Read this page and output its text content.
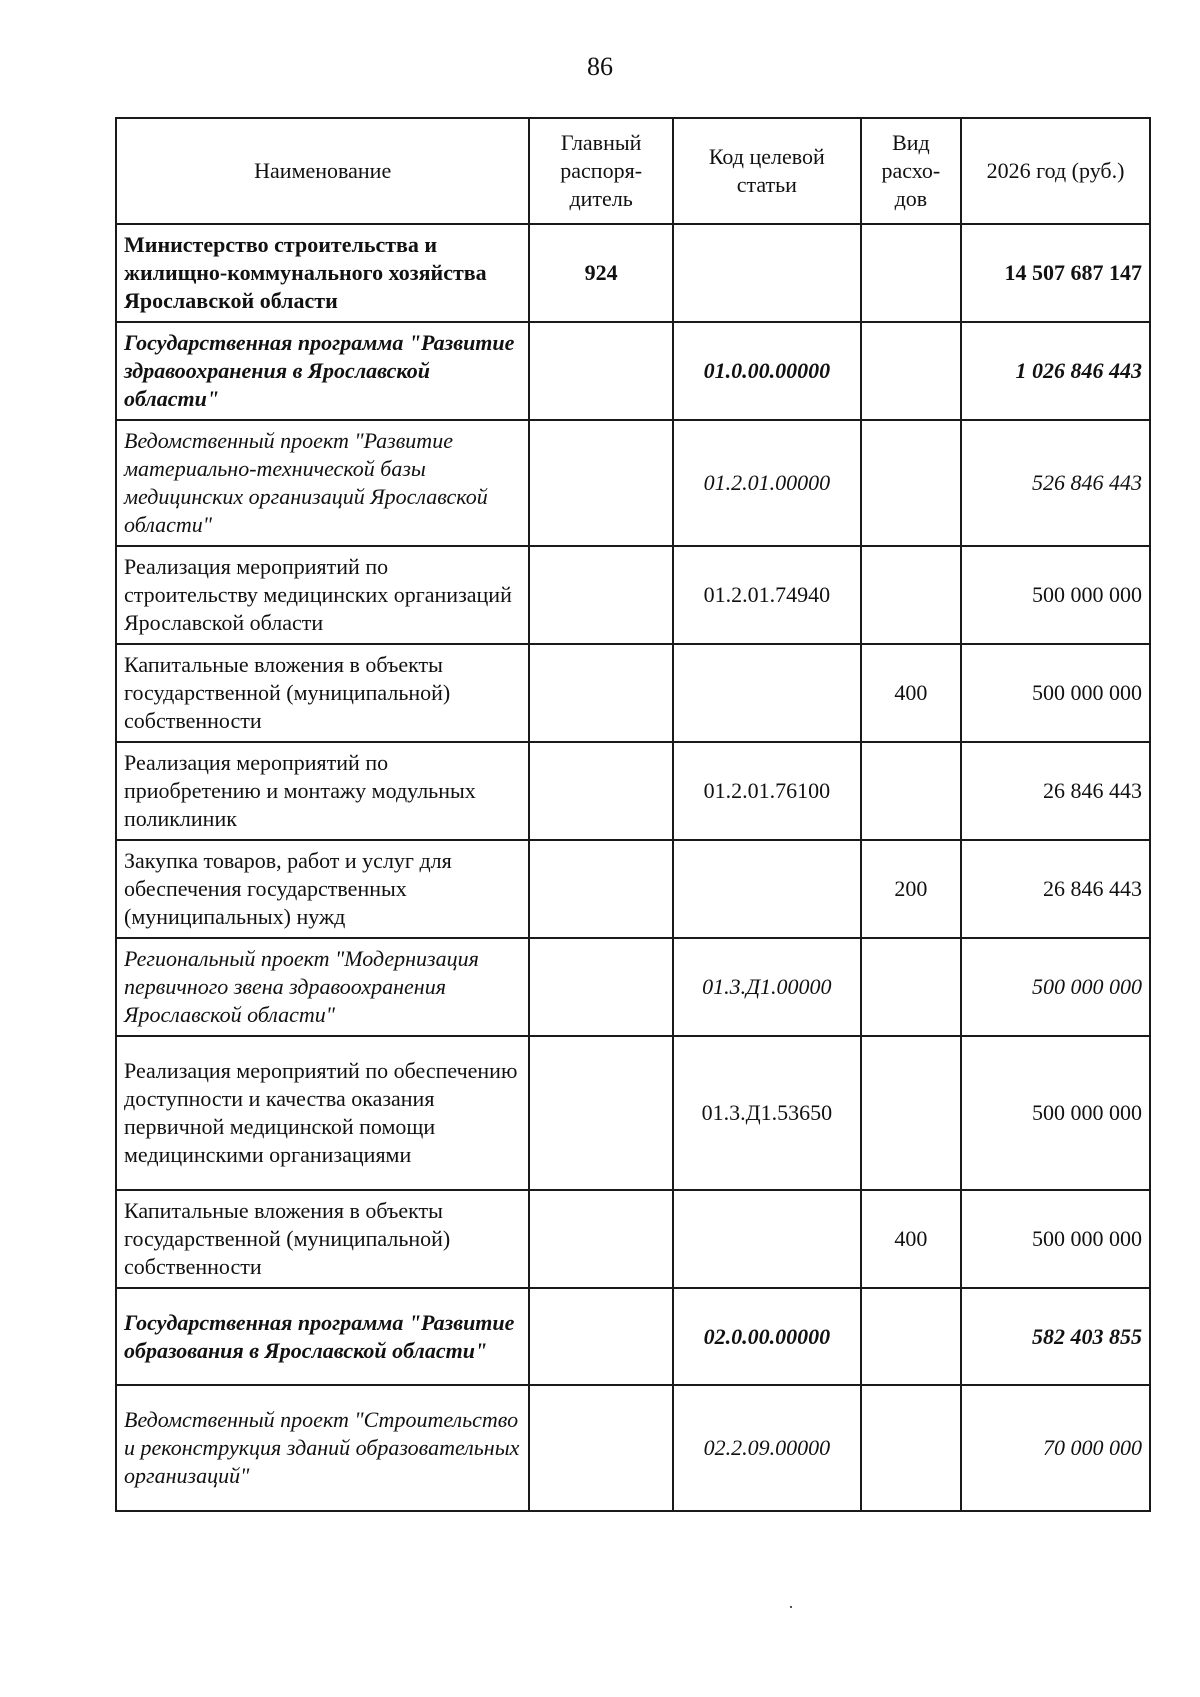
86
Наименование	Главный распоря-дитель	Код целевой статьи	Вид расхо-дов	2026 год (руб.)
Министерство строительства и жилищно-коммунального хозяйства Ярославской области	924			14 507 687 147
Государственная программа "Развитие здравоохранения в Ярославской области"		01.0.00.00000		1 026 846 443
Ведомственный проект "Развитие материально-технической базы медицинских организаций Ярославской области"		01.2.01.00000		526 846 443
Реализация мероприятий по строительству медицинских организаций Ярославской области		01.2.01.74940		500 000 000
Капитальные вложения в объекты государственной (муниципальной) собственности			400	500 000 000
Реализация мероприятий по приобретению и монтажу модульных поликлиник		01.2.01.76100		26 846 443
Закупка товаров, работ и услуг для обеспечения государственных (муниципальных) нужд			200	26 846 443
Региональный проект "Модернизация первичного звена здравоохранения Ярославской области"		01.3.Д1.00000		500 000 000
Реализация мероприятий по обеспечению доступности и качества оказания первичной медицинской помощи медицинскими организациями		01.3.Д1.53650		500 000 000
Капитальные вложения в объекты государственной (муниципальной) собственности			400	500 000 000
Государственная программа "Развитие образования в Ярославской области"		02.0.00.00000		582 403 855
Ведомственный проект "Строительство и реконструкция зданий образовательных организаций"		02.2.09.00000		70 000 000
